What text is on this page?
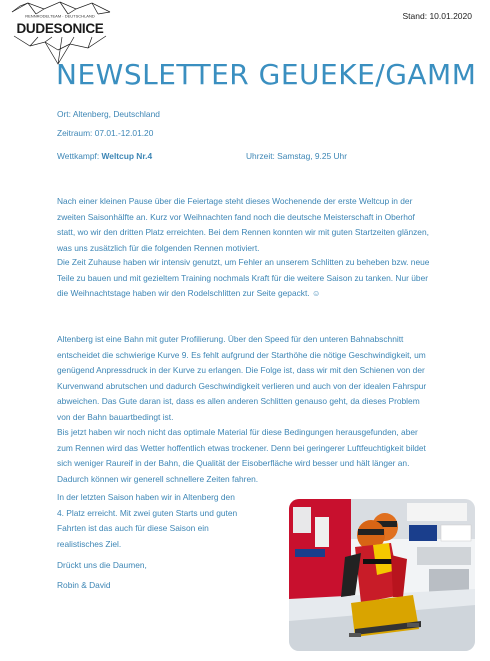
RENNRODELTEAM · DEUTSCHLAND
DUDESONICE
Stand: 10.01.2020
NEWSLETTER GEUEKE/GAMM
Ort: Altenberg, Deutschland
Zeitraum: 07.01.-12.01.20
Wettkampf: Weltcup Nr.4	Uhrzeit: Samstag, 9.25 Uhr
Nach einer kleinen Pause über die Feiertage steht dieses Wochenende der erste Weltcup in der zweiten Saisonhälfte an. Kurz vor Weihnachten fand noch die deutsche Meisterschaft in Oberhof statt, wo wir den dritten Platz erreichten. Bei dem Rennen konnten wir mit guten Startzeiten glänzen, was uns zusätzlich für die folgenden Rennen motiviert.
Die Zeit Zuhause haben wir intensiv genutzt, um Fehler an unserem Schlitten zu beheben bzw. neue Teile zu bauen und mit gezieltem Training nochmals Kraft für die weitere Saison zu tanken. Nur über die Weihnachtstage haben wir den Rodelschlitten zur Seite gepackt. ☺
Altenberg ist eine Bahn mit guter Profilierung. Über den Speed für den unteren Bahnabschnitt entscheidet die schwierige Kurve 9. Es fehlt aufgrund der Starthöhe die nötige Geschwindigkeit, um genügend Anpressdruck in der Kurve zu erlangen. Die Folge ist, dass wir mit den Schienen von der Kurvenwand abrutschen und dadurch Geschwindigkeit verlieren und auch von der idealen Fahrspur abweichen. Das Gute daran ist, dass es allen anderen Schlitten genauso geht, da dieses Problem von der Bahn bauartbedingt ist.
Bis jetzt haben wir noch nicht das optimale Material für diese Bedingungen herausgefunden, aber zum Rennen wird das Wetter hoffentlich etwas trockener. Denn bei geringerer Luftfeuchtigkeit bildet sich weniger Raureif in der Bahn, die Qualität der Eisoberfläche wird besser und hält länger an. Dadurch können wir generell schnellere Zeiten fahren.
In der letzten Saison haben wir in Altenberg den 4. Platz erreicht. Mit zwei guten Starts und guten Fahrten ist das auch für diese Saison ein realistisches Ziel.
Drückt uns die Daumen,
Robin & David
